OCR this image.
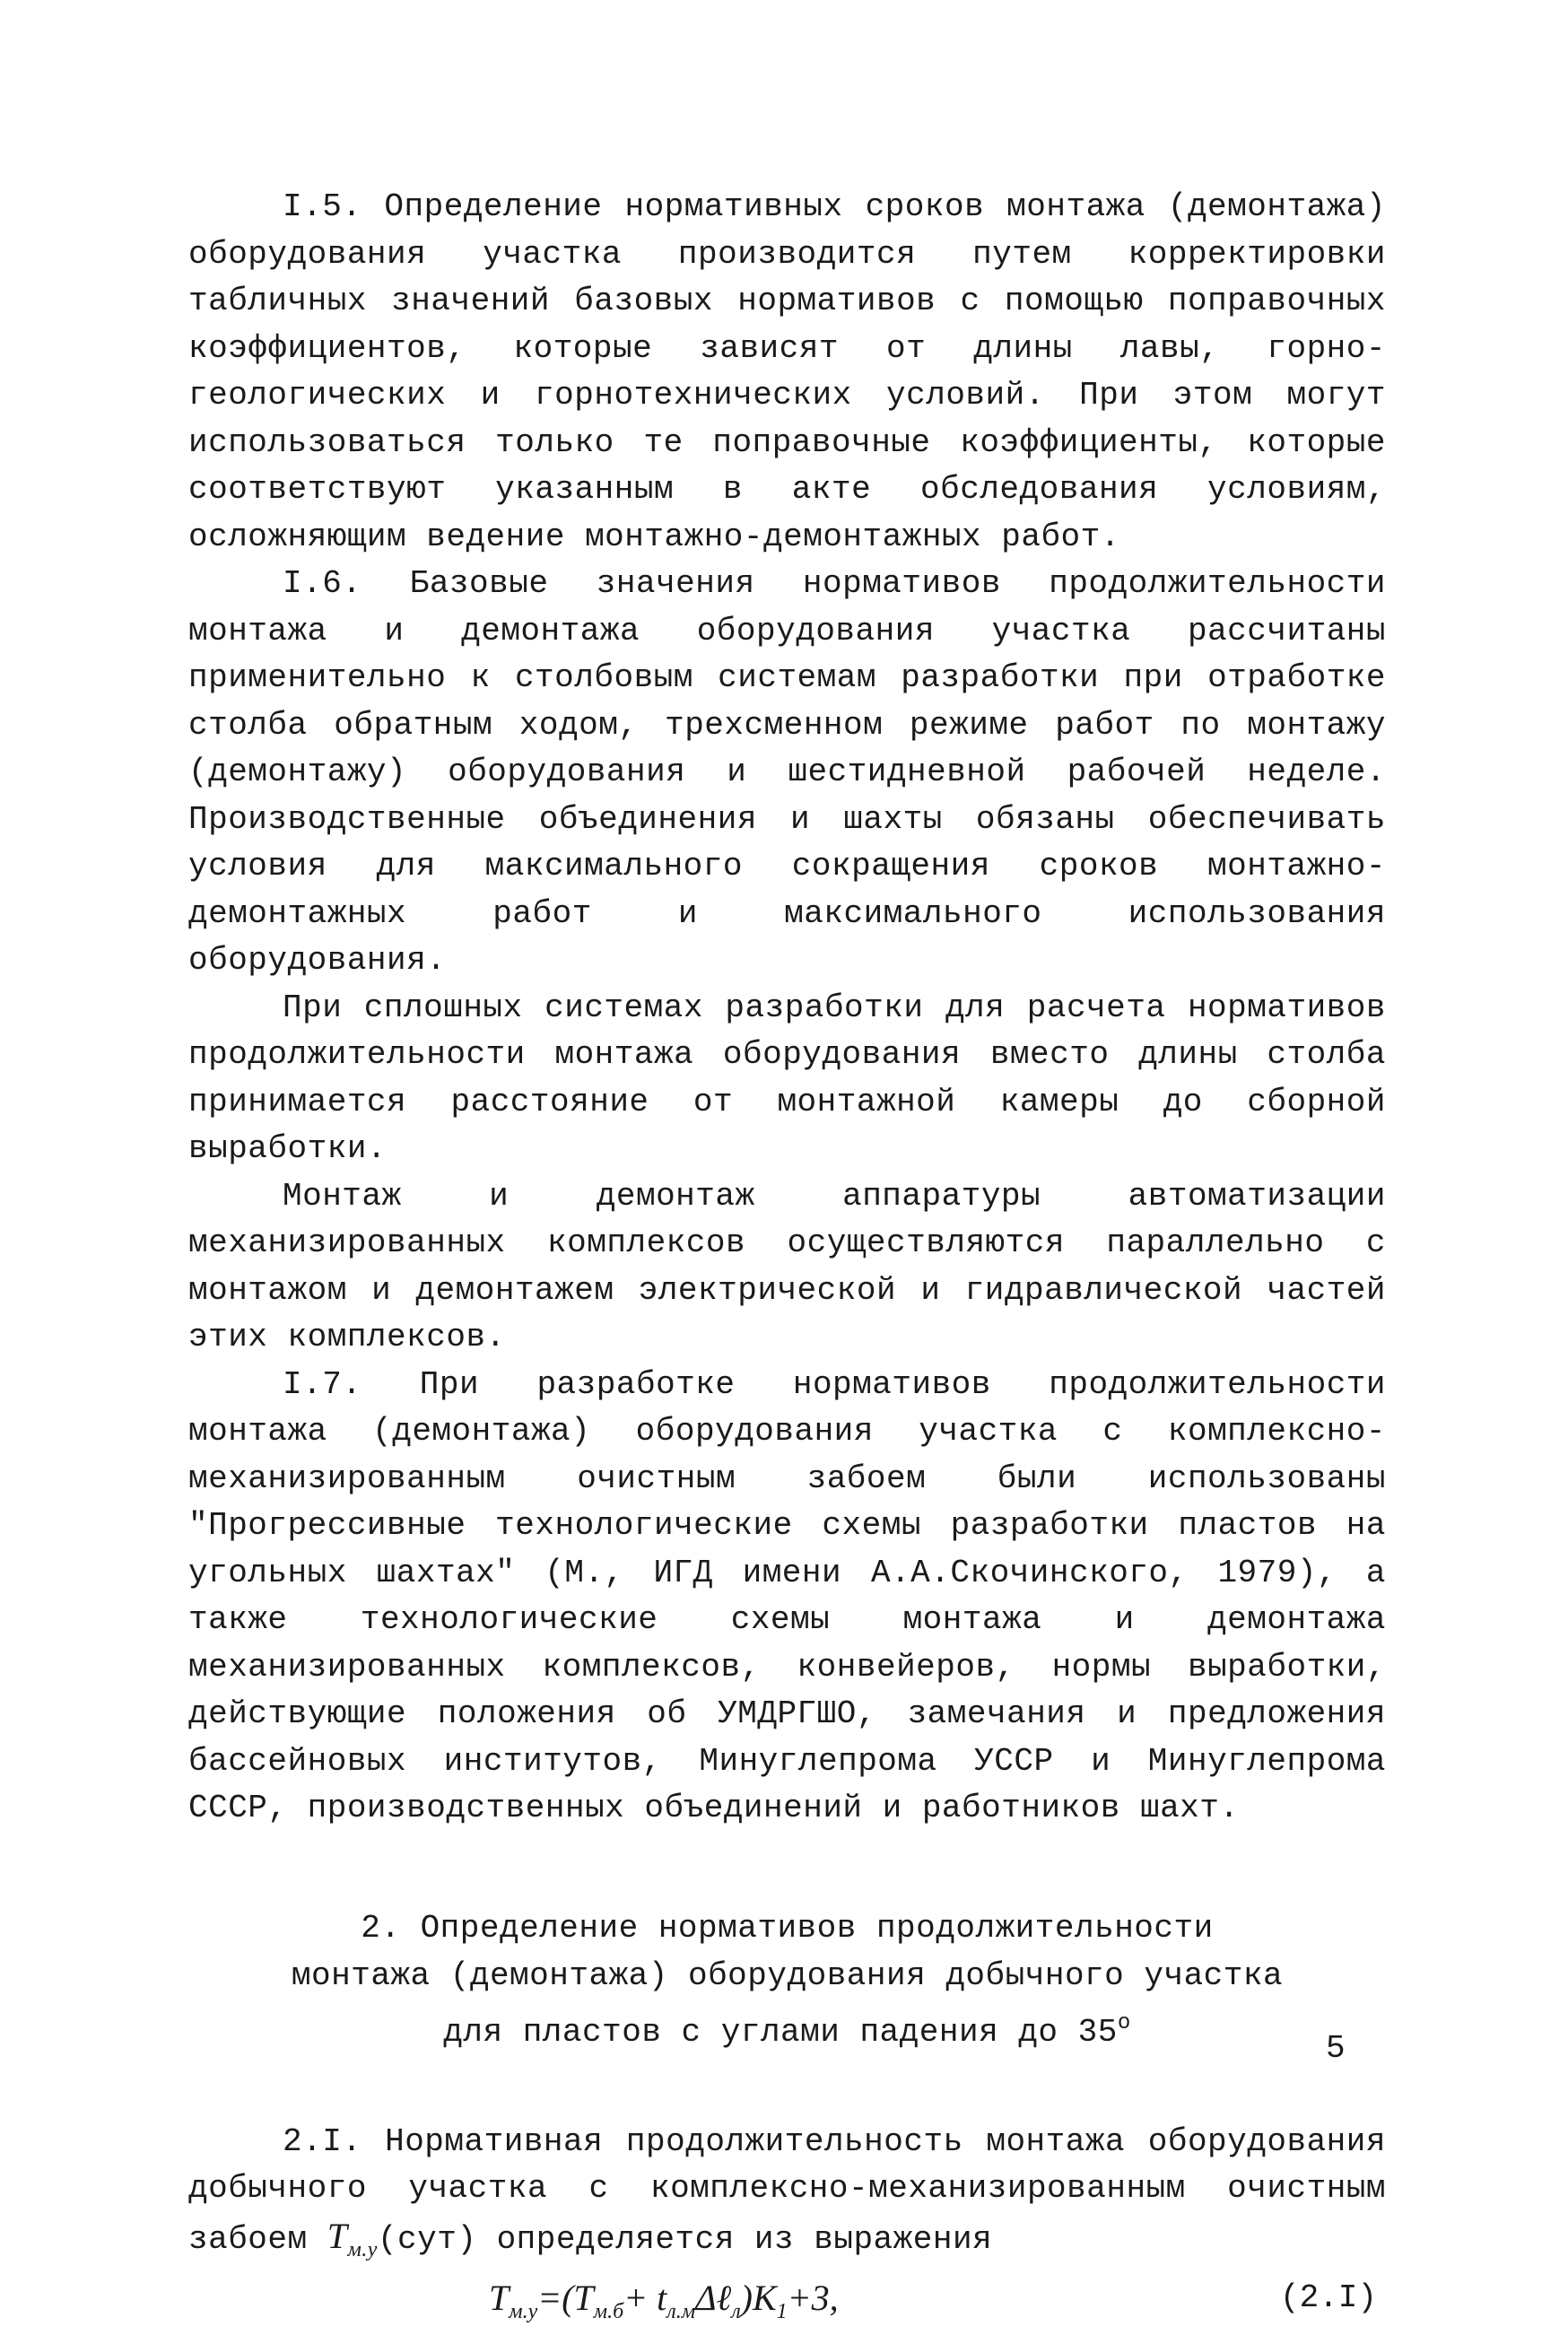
I.5. Определение нормативных сроков монтажа (демонтажа) оборудования участка производится путем корректировки табличных значений базовых нормативов с помощью поправочных коэффициентов, которые зависят от длины лавы, горно-геологических и горнотехнических условий. При этом могут использоваться только те поправочные коэффициенты, которые соответствуют указанным в акте обследования условиям, осложняющим ведение монтажно-демонтажных работ.

I.6. Базовые значения нормативов продолжительности монтажа и демонтажа оборудования участка рассчитаны применительно к столбовым системам разработки при отработке столба обратным ходом, трехсменном режиме работ по монтажу (демонтажу) оборудования и шестидневной рабочей неделе. Производственные объединения и шахты обязаны обеспечивать условия для максимального сокращения сроков монтажно-демонтажных работ и максимального использования оборудования.

При сплошных системах разработки для расчета нормативов продолжительности монтажа оборудования вместо длины столба принимается расстояние от монтажной камеры до сборной выработки.

Монтаж и демонтаж аппаратуры автоматизации механизированных комплексов осуществляются параллельно с монтажом и демонтажем электрической и гидравлической частей этих комплексов.

I.7. При разработке нормативов продолжительности монтажа (демонтажа) оборудования участка с комплексно-механизированным очистным забоем были использованы "Прогрессивные технологические схемы разработки пластов на угольных шахтах" (М., ИГД имени А.А.Скочинского, 1979), а также технологические схемы монтажа и демонтажа механизированных комплексов, конвейеров, нормы выработки, действующие положения об УМДРГШО, замечания и предложения бассейновых институтов, Минуглепрома УССР и Минуглепрома СССР, производственных объединений и работников шахт.

2. Определение нормативов продолжительности
монтажа (демонтажа) оборудования добычного участка
для пластов с углами падения до $35^о$

2.I. Нормативная продолжительность монтажа оборудования добычного участка с комплексно-механизированным очистным забоем $T_{м.у}(сут)$ определяется из выражения

$T_{м.у}=(T_{м.б}+$ $t_{л.м}\Delta\ell_л)K_1+3$,	(2.I)
5
